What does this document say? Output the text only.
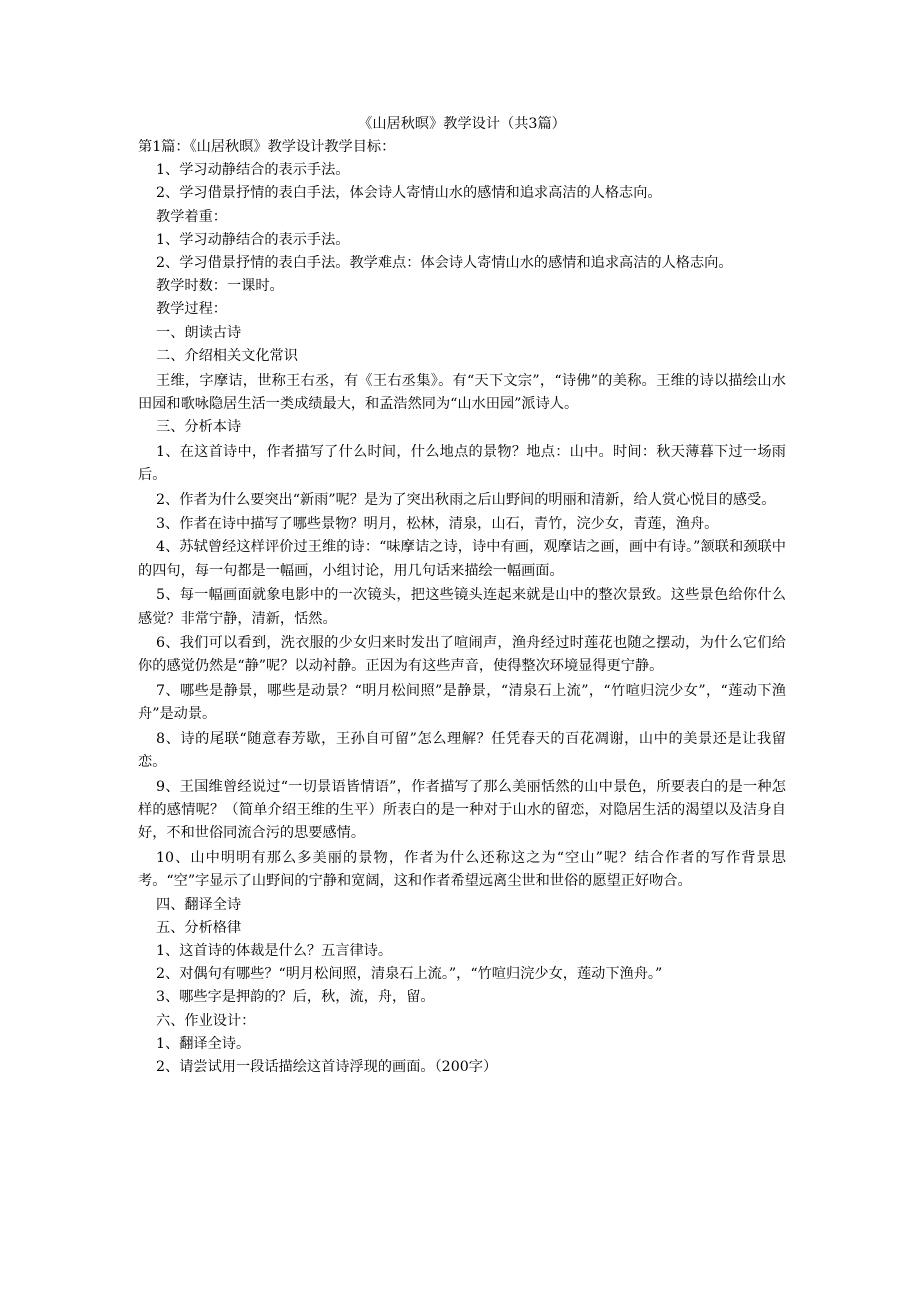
《山居秋暝》教学设计（共3篇）
第1篇：《山居秋暝》教学设计教学目标：
1、学习动静结合的表示手法。
2、学习借景抒情的表白手法，体会诗人寄情山水的感情和追求高洁的人格志向。
教学着重：
1、学习动静结合的表示手法。
2、学习借景抒情的表白手法。教学难点：体会诗人寄情山水的感情和追求高洁的人格志向。
教学时数：一课时。
教学过程：
一、朗读古诗
二、介绍相关文化常识
王维，字摩诘，世称王右丞，有《王右丞集》。有“天下文宗”，“诗佛”的美称。王维的诗以描绘山水田园和歌咏隐居生活一类成绩最大，和孟浩然同为“山水田园”派诗人。
三、分析本诗
1、在这首诗中，作者描写了什么时间，什么地点的景物？地点：山中。时间：秋天薄暮下过一场雨后。
2、作者为什么要突出“新雨”呢？是为了突出秋雨之后山野间的明丽和清新，给人赏心悦目的感受。
3、作者在诗中描写了哪些景物？明月，松林，清泉，山石，青竹，浣少女，青莲，渔舟。
4、苏轼曾经这样评价过王维的诗：“味摩诘之诗，诗中有画，观摩诘之画，画中有诗。”颔联和颈联中的四句，每一句都是一幅画，小组讨论，用几句话来描绘一幅画面。
5、每一幅画面就象电影中的一次镜头，把这些镜头连起来就是山中的整次景致。这些景色给你什么感觉？非常宁静，清新，恬然。
6、我们可以看到，洗衣服的少女归来时发出了喧闹声，渔舟经过时莲花也随之摆动，为什么它们给你的感觉仍然是“静”呢？以动衬静。正因为有这些声音，使得整次环境显得更宁静。
7、哪些是静景，哪些是动景？“明月松间照”是静景，“清泉石上流”，“竹喧归浣少女”，“莲动下渔舟”是动景。
8、诗的尾联“随意春芳歇，王孙自可留”怎么理解？任凭春天的百花凋谢，山中的美景还是让我留恋。
9、王国维曾经说过“一切景语皆情语”，作者描写了那么美丽恬然的山中景色，所要表白的是一种怎样的感情呢？（简单介绍王维的生平）所表白的是一种对于山水的留恋，对隐居生活的渴望以及洁身自好，不和世俗同流合污的思要感情。
10、山中明明有那么多美丽的景物，作者为什么还称这之为“空山”呢？结合作者的写作背景思考。“空”字显示了山野间的宁静和宽阔，这和作者希望远离尘世和世俗的愿望正好吻合。
四、翻译全诗
五、分析格律
1、这首诗的体裁是什么？五言律诗。
2、对偶句有哪些？“明月松间照，清泉石上流。”，“竹喧归浣少女，莲动下渔舟。”
3、哪些字是押韵的？后，秋，流，舟，留。
六、作业设计：
1、翻译全诗。
2、请尝试用一段话描绘这首诗浮现的画面。（200字）
